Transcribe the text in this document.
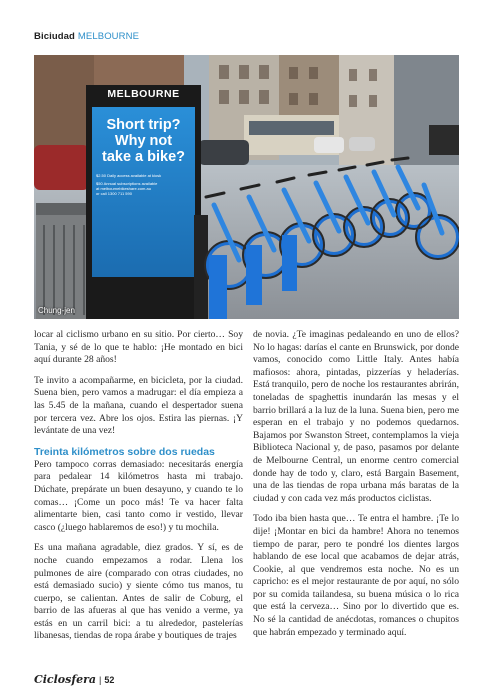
Biciudad MELBOURNE
MELBOURNE
Short trip?
Why not
take a bike?
$2.50 Daily access available at kiosk
$50 Annual subscriptions available
at melbournebikeshare.com.au
or call 1300 711 590
Chung-jen

locar al ciclismo urbano en su sitio. Por cierto… Soy Tania, y sé de lo que te hablo: ¡He montado en bici aquí durante 28 años!

Te invito a acompañarme, en bicicleta, por la ciudad. Suena bien, pero vamos a madrugar: el día empieza a las 5.45 de la mañana, cuando el despertador suena por tercera vez. Abre los ojos. Estira las piernas. ¡Y levántate de una vez!

Treinta kilómetros sobre dos ruedas

Pero tampoco corras demasiado: necesitarás energía para pedalear 14 kilómetros hasta mi trabajo. Dúchate, prepárate un buen desayuno, y cuando te lo comas… ¡Come un poco más! Te va hacer falta alimentarte bien, casi tanto como ir vestido, llevar casco (¿luego hablaremos de eso!) y tu mochila.

Es una mañana agradable, diez grados. Y sí, es de noche cuando empezamos a rodar. Llena los pulmones de aire (comparado con otras ciudades, no está demasiado sucio) y siente cómo tus manos, tu cuerpo, se calientan. Antes de salir de Coburg, el barrio de las afueras al que has venido a verme, ya estás en un carril bici: a tu alrededor, pastelerías libanesas, tiendas de ropa árabe y boutiques de trajes

de novia. ¿Te imaginas pedaleando en uno de ellos? No lo hagas: darías el cante en Brunswick, por donde vamos, conocido como Little Italy. Antes había mafiosos: ahora, pintadas, pizzerías y heladerías. Está tranquilo, pero de noche los restaurantes abrirán, toneladas de spaghettis inundarán las mesas y el barrio brillará a la luz de la luna. Suena bien, pero me esperan en el trabajo y no podemos quedarnos. Bajamos por Swanston Street, contemplamos la vieja Biblioteca Nacional y, de paso, pasamos por delante de Melbourne Central, un enorme centro comercial donde hay de todo y, claro, está Bargain Basement, una de las tiendas de ropa urbana más baratas de la ciudad y con cada vez más productos ciclistas.

Todo iba bien hasta que… Te entra el hambre. ¡Te lo dije! ¡Montar en bici da hambre! Ahora no tenemos tiempo de parar, pero te pondré los dientes largos hablando de ese local que acabamos de dejar atrás, Cookie, al que vendremos esta noche. No es un capricho: es el mejor restaurante de por aquí, no sólo por su comida tailandesa, su buena música o lo rica que está la cerveza… Sino por lo divertido que es. No sé la cantidad de anécdotas, romances o chupitos que habrán empezado y terminado aquí.

Ciclosfera | 52
